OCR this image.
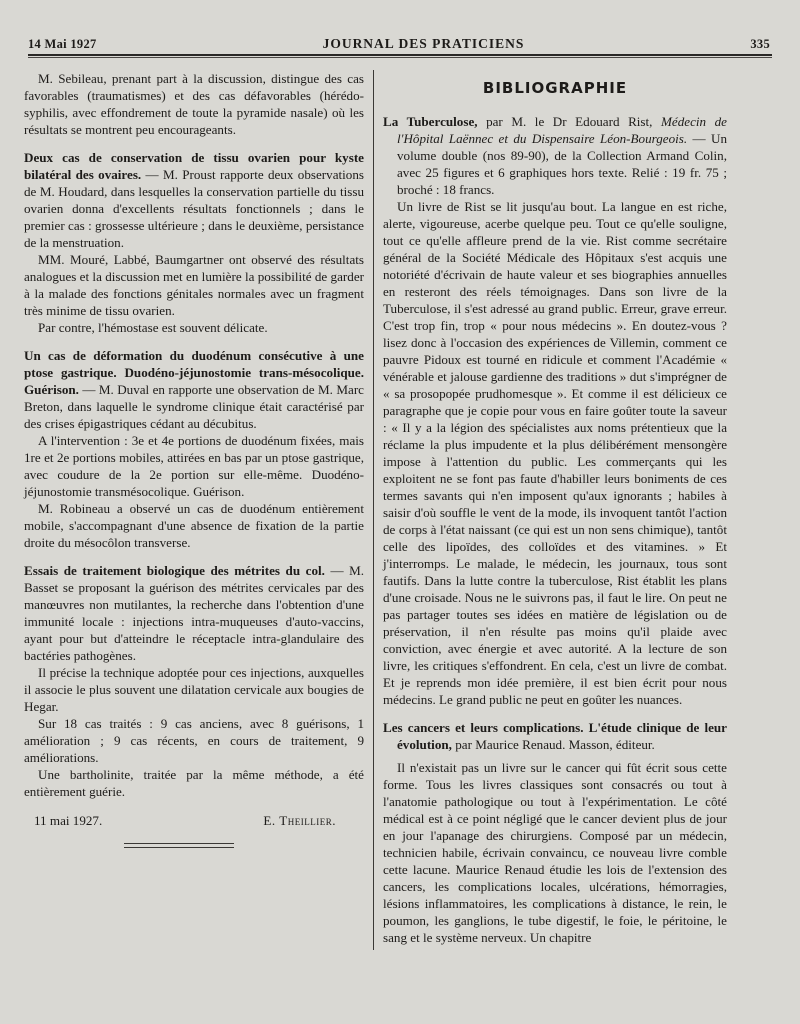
14 Mai 1927	JOURNAL DES PRATICIENS	335

M. Sebileau, prenant part à la discussion, distingue des cas favorables (traumatismes) et des cas défavorables (hérédo-syphilis, avec effondrement de toute la pyramide nasale) où les résultats se montrent peu encourageants.

Deux cas de conservation de tissu ovarien pour kyste bilatéral des ovaires. — M. Proust rapporte deux observations de M. Houdard, dans lesquelles la conservation partielle du tissu ovarien donna d'excellents résultats fonctionnels ; dans le premier cas : grossesse ultérieure ; dans le deuxième, persistance de la menstruation.

MM. Mouré, Labbé, Baumgartner ont observé des résultats analogues et la discussion met en lumière la possibilité de garder à la malade des fonctions génitales normales avec un fragment très minime de tissu ovarien.

Par contre, l'hémostase est souvent délicate.

Un cas de déformation du duodénum consécutive à une ptose gastrique. Duodéno-jéjunostomie trans-mésocolique. Guérison. — M. Duval en rapporte une observation de M. Marc Breton, dans laquelle le syndrome clinique était caractérisé par des crises épigastriques cédant au décubitus.

A l'intervention : 3e et 4e portions de duodénum fixées, mais 1re et 2e portions mobiles, attirées en bas par un ptose gastrique, avec coudure de la 2e portion sur elle-même. Duodéno-jéjunostomie transmésocolique. Guérison.

M. Robineau a observé un cas de duodénum entièrement mobile, s'accompagnant d'une absence de fixation de la partie droite du mésocôlon transverse.

Essais de traitement biologique des métrites du col. — M. Basset se proposant la guérison des métrites cervicales par des manœuvres non mutilantes, la recherche dans l'obtention d'une immunité locale : injections intra-muqueuses d'auto-vaccins, ayant pour but d'atteindre le réceptacle intra-glandulaire des bactéries pathogènes.

Il précise la technique adoptée pour ces injections, auxquelles il associe le plus souvent une dilatation cervicale aux bougies de Hegar.

Sur 18 cas traités : 9 cas anciens, avec 8 guérisons, 1 amélioration ; 9 cas récents, en cours de traitement, 9 améliorations.

Une bartholinite, traitée par la même méthode, a été entièrement guérie.

11 mai 1927.	E. Theillier.
BIBLIOGRAPHIE

La Tuberculose, par M. le Dr Edouard Rist, Médecin de l'Hôpital Laënnec et du Dispensaire Léon-Bourgeois. — Un volume double (nos 89-90), de la Collection Armand Colin, avec 25 figures et 6 graphiques hors texte. Relié : 19 fr. 75 ; broché : 18 francs.

Un livre de Rist se lit jusqu'au bout. La langue en est riche, alerte, vigoureuse, acerbe quelque peu. Tout ce qu'elle souligne, tout ce qu'elle affleure prend de la vie. Rist comme secrétaire général de la Société Médicale des Hôpitaux s'est acquis une notoriété d'écrivain de haute valeur et ses biographies annuelles en resteront des réels témoignages. Dans son livre de la Tuberculose, il s'est adressé au grand public. Erreur, grave erreur. C'est trop fin, trop « pour nous médecins ». En doutez-vous ? lisez donc à l'occasion des expériences de Villemin, comment ce pauvre Pidoux est tourné en ridicule et comment l'Académie « vénérable et jalouse gardienne des traditions » dut s'imprégner de « sa prosopopée prudhomesque ». Et comme il est délicieux ce paragraphe que je copie pour vous en faire goûter toute la saveur : « Il y a la légion des spécialistes aux noms prétentieux que la réclame la plus impudente et la plus délibérément mensongère impose à l'attention du public. Les commerçants qui les exploitent ne se font pas faute d'habiller leurs boniments de ces termes savants qui n'en imposent qu'aux ignorants ; habiles à saisir d'où souffle le vent de la mode, ils invoquent tantôt l'action de corps à l'état naissant (ce qui est un non sens chimique), tantôt celle des lipoïdes, des colloïdes et des vitamines. » Et j'interromps. Le malade, le médecin, les journaux, tous sont fautifs. Dans la lutte contre la tuberculose, Rist établit les plans d'une croisade. Nous ne le suivrons pas, il faut le lire. On peut ne pas partager toutes ses idées en matière de législation ou de préservation, il n'en résulte pas moins qu'il plaide avec conviction, avec énergie et avec autorité. A la lecture de son livre, les critiques s'effondrent. En cela, c'est un livre de combat. Et je reprends mon idée première, il est bien écrit pour nous médecins. Le grand public ne peut en goûter les nuances.

Les cancers et leurs complications. L'étude clinique de leur évolution, par Maurice Renaud. Masson, éditeur.

Il n'existait pas un livre sur le cancer qui fût écrit sous cette forme. Tous les livres classiques sont consacrés ou tout à l'anatomie pathologique ou tout à l'expérimentation. Le côté médical est à ce point négligé que le cancer devient plus de jour en jour l'apanage des chirurgiens. Composé par un médecin, technicien habile, écrivain convaincu, ce nouveau livre comble cette lacune. Maurice Renaud étudie les lois de l'extension des cancers, les complications locales, ulcérations, hémorragies, lésions inflammatoires, les complications à distance, le rein, le poumon, les ganglions, le tube digestif, le foie, le péritoine, le sang et le système nerveux. Un chapitre
